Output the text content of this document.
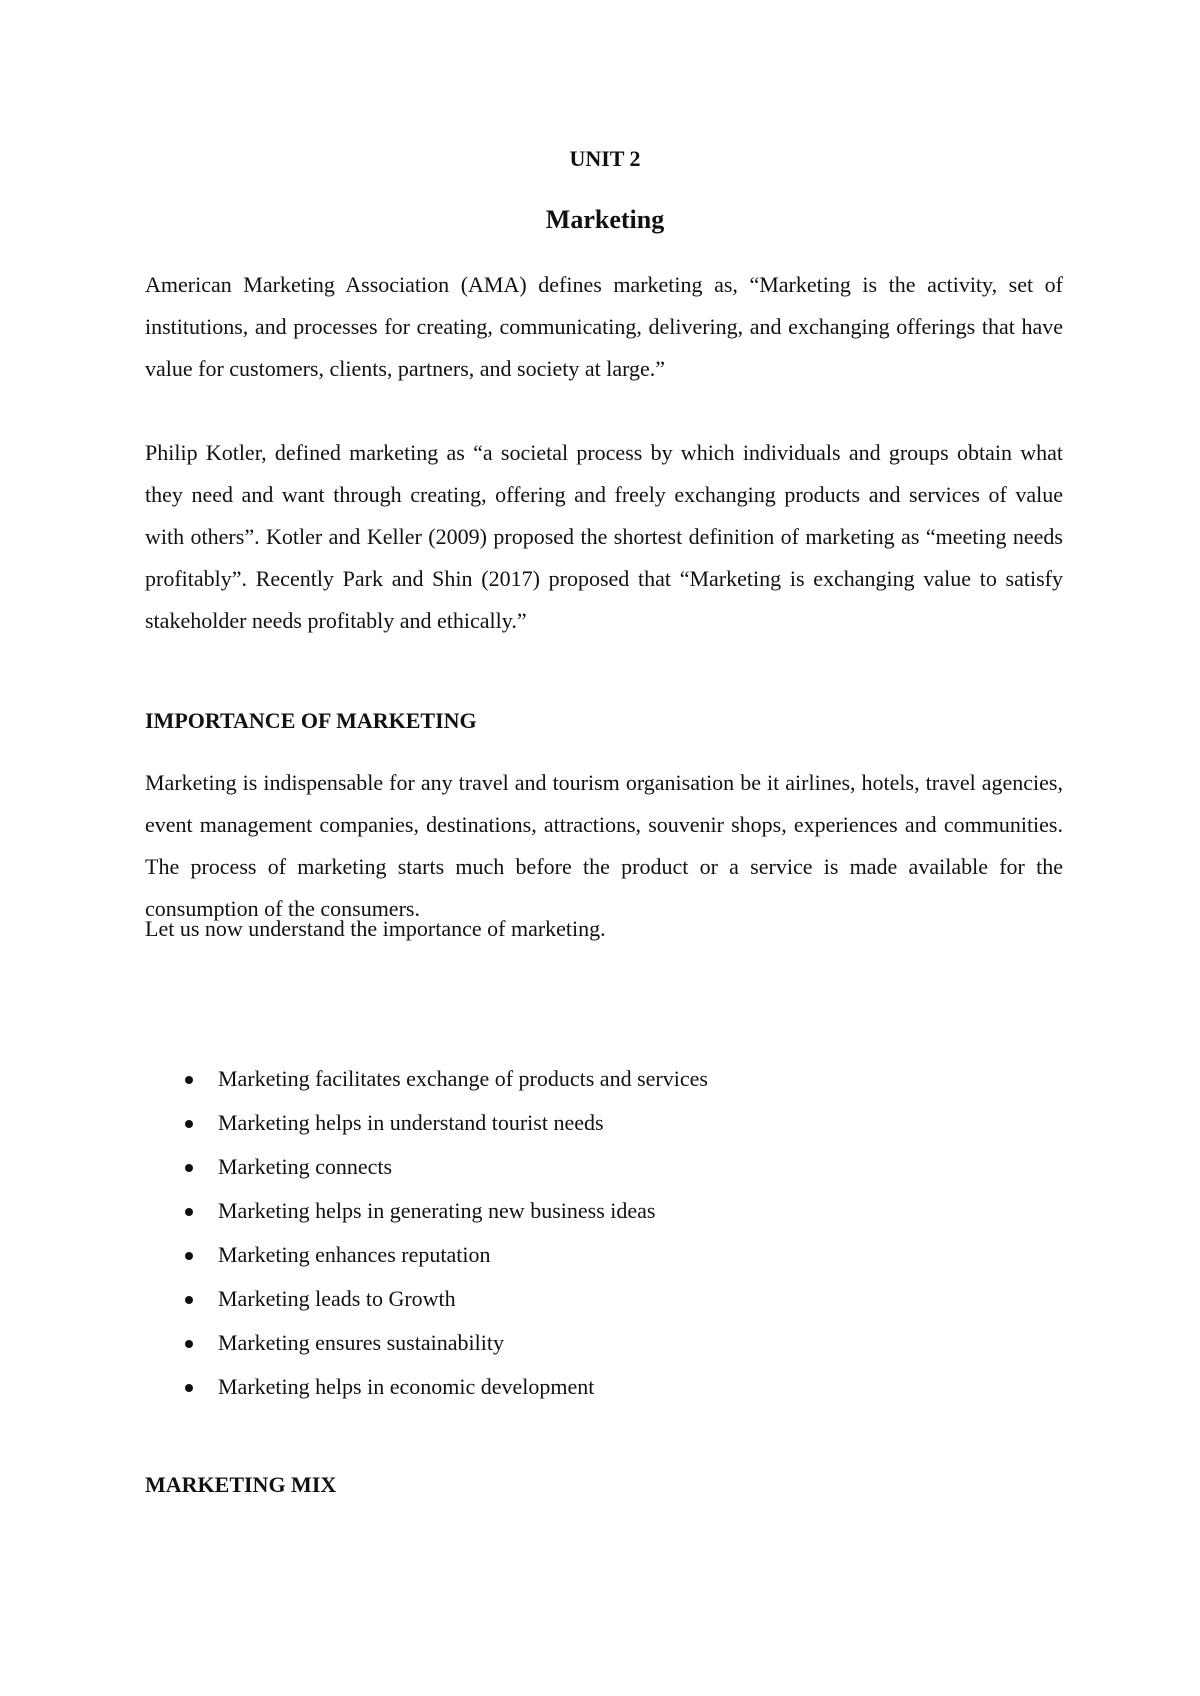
UNIT 2
Marketing

American Marketing Association (AMA) defines marketing as, “Marketing is the activity, set of institutions, and processes for creating, communicating, delivering, and exchanging offerings that have value for customers, clients, partners, and society at large.”

Philip Kotler, defined marketing as “a societal process by which individuals and groups obtain what they need and want through creating, offering and freely exchanging products and services of value with others”. Kotler and Keller (2009) proposed the shortest definition of marketing as “meeting needs profitably”. Recently Park and Shin (2017) proposed that “Marketing is exchanging value to satisfy stakeholder needs profitably and ethically.”

IMPORTANCE OF MARKETING

Marketing is indispensable for any travel and tourism organisation be it airlines, hotels, travel agencies, event management companies, destinations, attractions, souvenir shops, experiences and communities. The process of marketing starts much before the product or a service is made available for the consumption of the consumers.

Let us now understand the importance of marketing.

Marketing facilitates exchange of products and services
Marketing helps in understand tourist needs
Marketing connects
Marketing helps in generating new business ideas
Marketing enhances reputation
Marketing leads to Growth
Marketing ensures sustainability
Marketing helps in economic development
MARKETING MIX
